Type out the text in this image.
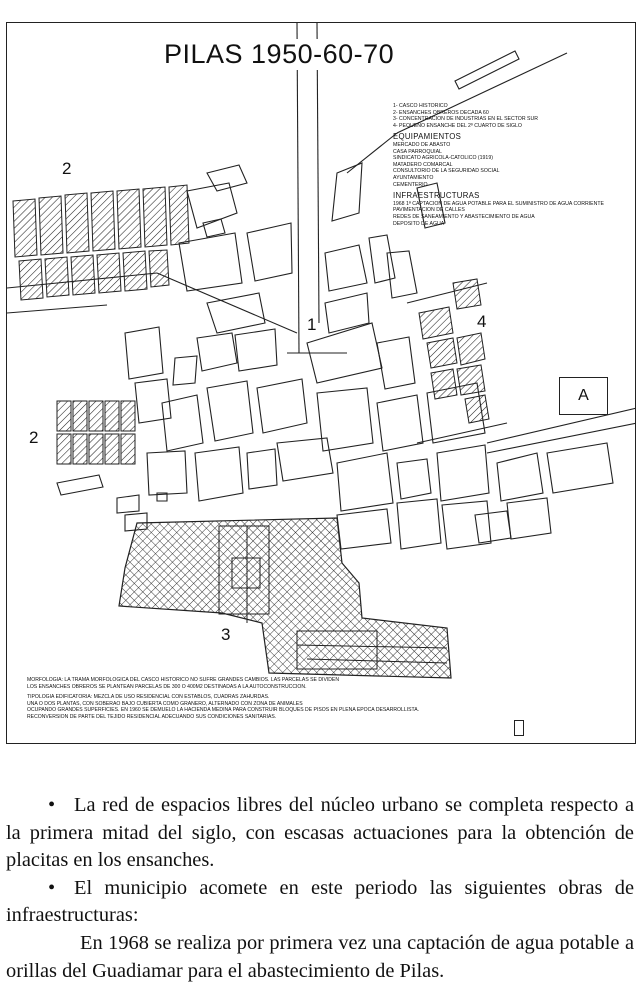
PILAS 1950-60-70
2
1	4
2
3
A
1- CASCO HISTORICO
2- ENSANCHES OBREROS DECADA 60
3- CONCENTRACION DE INDUSTRIAS EN EL SECTOR SUR
4- PEQUEÑO ENSANCHE DEL 2º CUARTO DE SIGLO
EQUIPAMIENTOS
MERCADO DE ABASTO
CASA PARROQUIAL
SINDICATO AGRICOLA-CATOLICO (1919)
MATADERO COMARCAL
CONSULTORIO DE LA SEGURIDAD SOCIAL
AYUNTAMIENTO
CEMENTERIO
INFRAESTRUCTURAS
1968 1ª CAPTACION DE AGUA POTABLE PARA EL SUMINISTRO DE AGUA CORRIENTE
PAVIMENTACION DE CALLES
REDES DE SANEAMIENTO Y ABASTECIMIENTO DE AGUA
DEPOSITO DE AGUA
MORFOLOGIA: LA TRAMA MORFOLOGICA DEL CASCO HISTORICO NO SUFRE GRANDES CAMBIOS. LAS PARCELAS SE DIVIDEN
LOS ENSANCHES OBREROS SE PLANTEAN PARCELAS DE 300 O 400M2 DESTINADAS A LA AUTOCONSTRUCCION.
TIPOLOGIA EDIFICATORIA: MEZCLA DE USO RESIDENCIAL CON ESTABLOS, CUADRAS ZAHURDAS.
UNA O DOS PLANTAS, CON SOBERAO BAJO CUBIERTA COMO GRANERO, ALTERNADO CON ZONA DE ANIMALES
OCUPANDO GRANDES SUPERFICIES. EN 1960 SE DEMUELO LA HACIENDA MEDINA PARA CONSTRUIR BLOQUES DE PISOS EN PLENA EPOCA DESARROLLISTA.
RECONVERSION DE PARTE DEL TEJIDO RESIDENCIAL ADECUANDO SUS CONDICIONES SANITARIAS.

• La red de espacios libres del núcleo urbano se completa respecto a la primera mitad del siglo, con escasas actuaciones para la obtención de placitas en los ensanches.

• El municipio acomete en este periodo las siguientes obras de infraestructuras:

En 1968 se realiza por primera vez una captación de agua potable a orillas del Guadiamar para el abastecimiento de Pilas.
